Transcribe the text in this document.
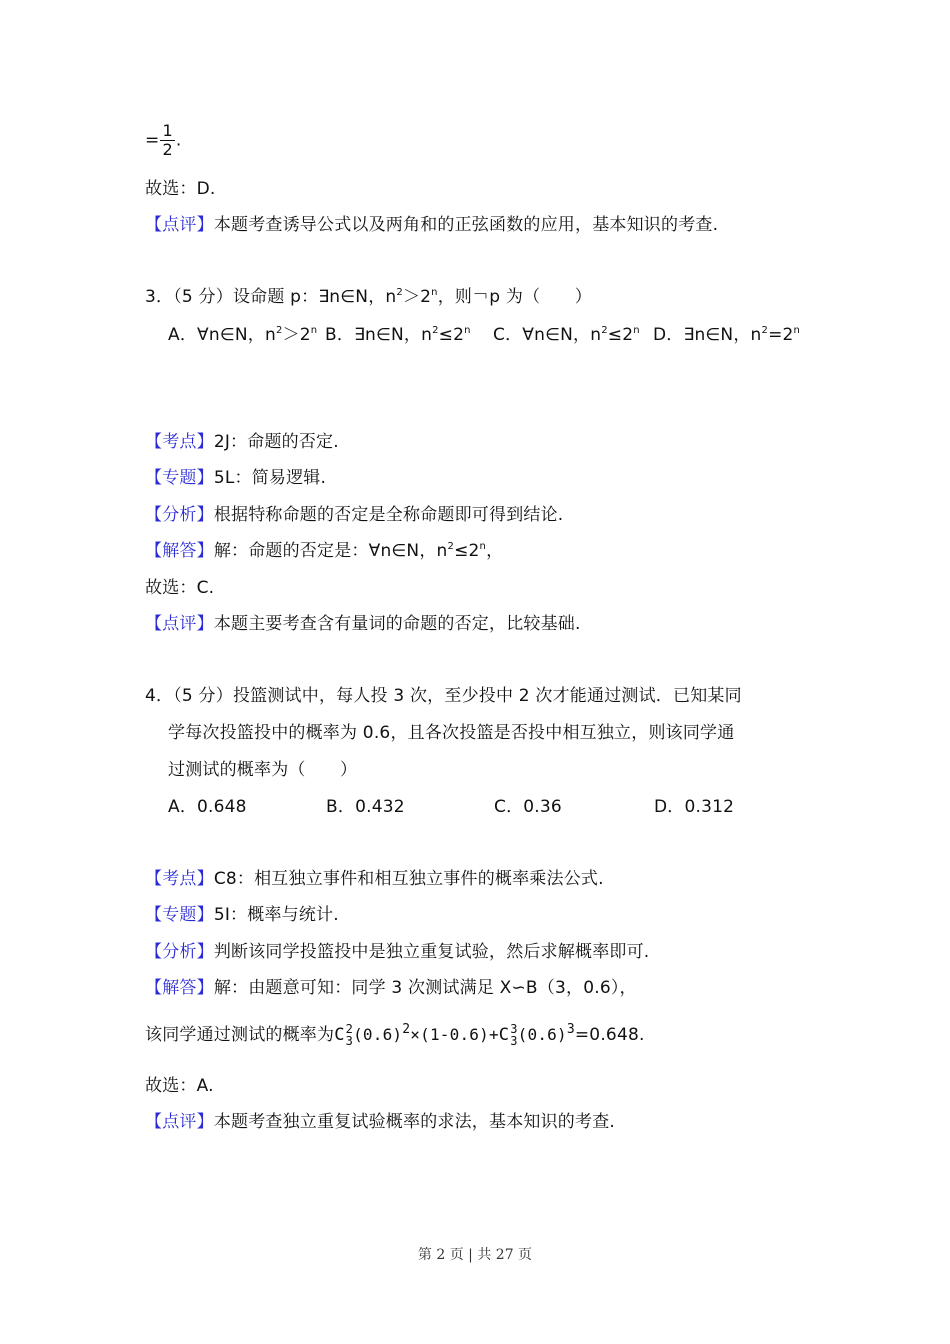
= $\frac{1}{2}$ .
故选：D.
【点评】本题考查诱导公式以及两角和的正弦函数的应用，基本知识的考查.
3．（5 分）设命题 p：∃n∈N，$n^2>2^n$，则￢p 为（　　）
A．∀n∈N，$n^2>2^n$ B．∃n∈N，$n^2\le 2^n$ C．∀n∈N，$n^2\le 2^n$ D．∃n∈N，$n^2=2^n$
【考点】2J：命题的否定.
【专题】5L：简易逻辑.
【分析】根据特称命题的否定是全称命题即可得到结论.
【解答】解：命题的否定是：∀n∈N，$n^2\le 2^n$，
故选：C.
【点评】本题主要考查含有量词的命题的否定，比较基础.
4．（5 分）投篮测试中，每人投 3 次，至少投中 2 次才能通过测试．已知某同
学每次投篮投中的概率为 0.6，且各次投篮是否投中相互独立，则该同学通
过测试的概率为（　　）
A．0.648	B．0.432	C．0.36	D．0.312
【考点】C8：相互独立事件和相互独立事件的概率乘法公式.
【专题】5I：概率与统计.
【分析】判断该同学投篮投中是独立重复试验，然后求解概率即可.
【解答】解：由题意可知：同学 3 次测试满足 X∽B（3，0.6），
该同学通过测试的概率为 C 2
3 $(0.6)^2\times(1-0.6)+ C$ 3
3 $(0.6)^3=0.648$.
故选：A.
【点评】本题考查独立重复试验概率的求法，基本知识的考查.
第 2 页 | 共 27 页
